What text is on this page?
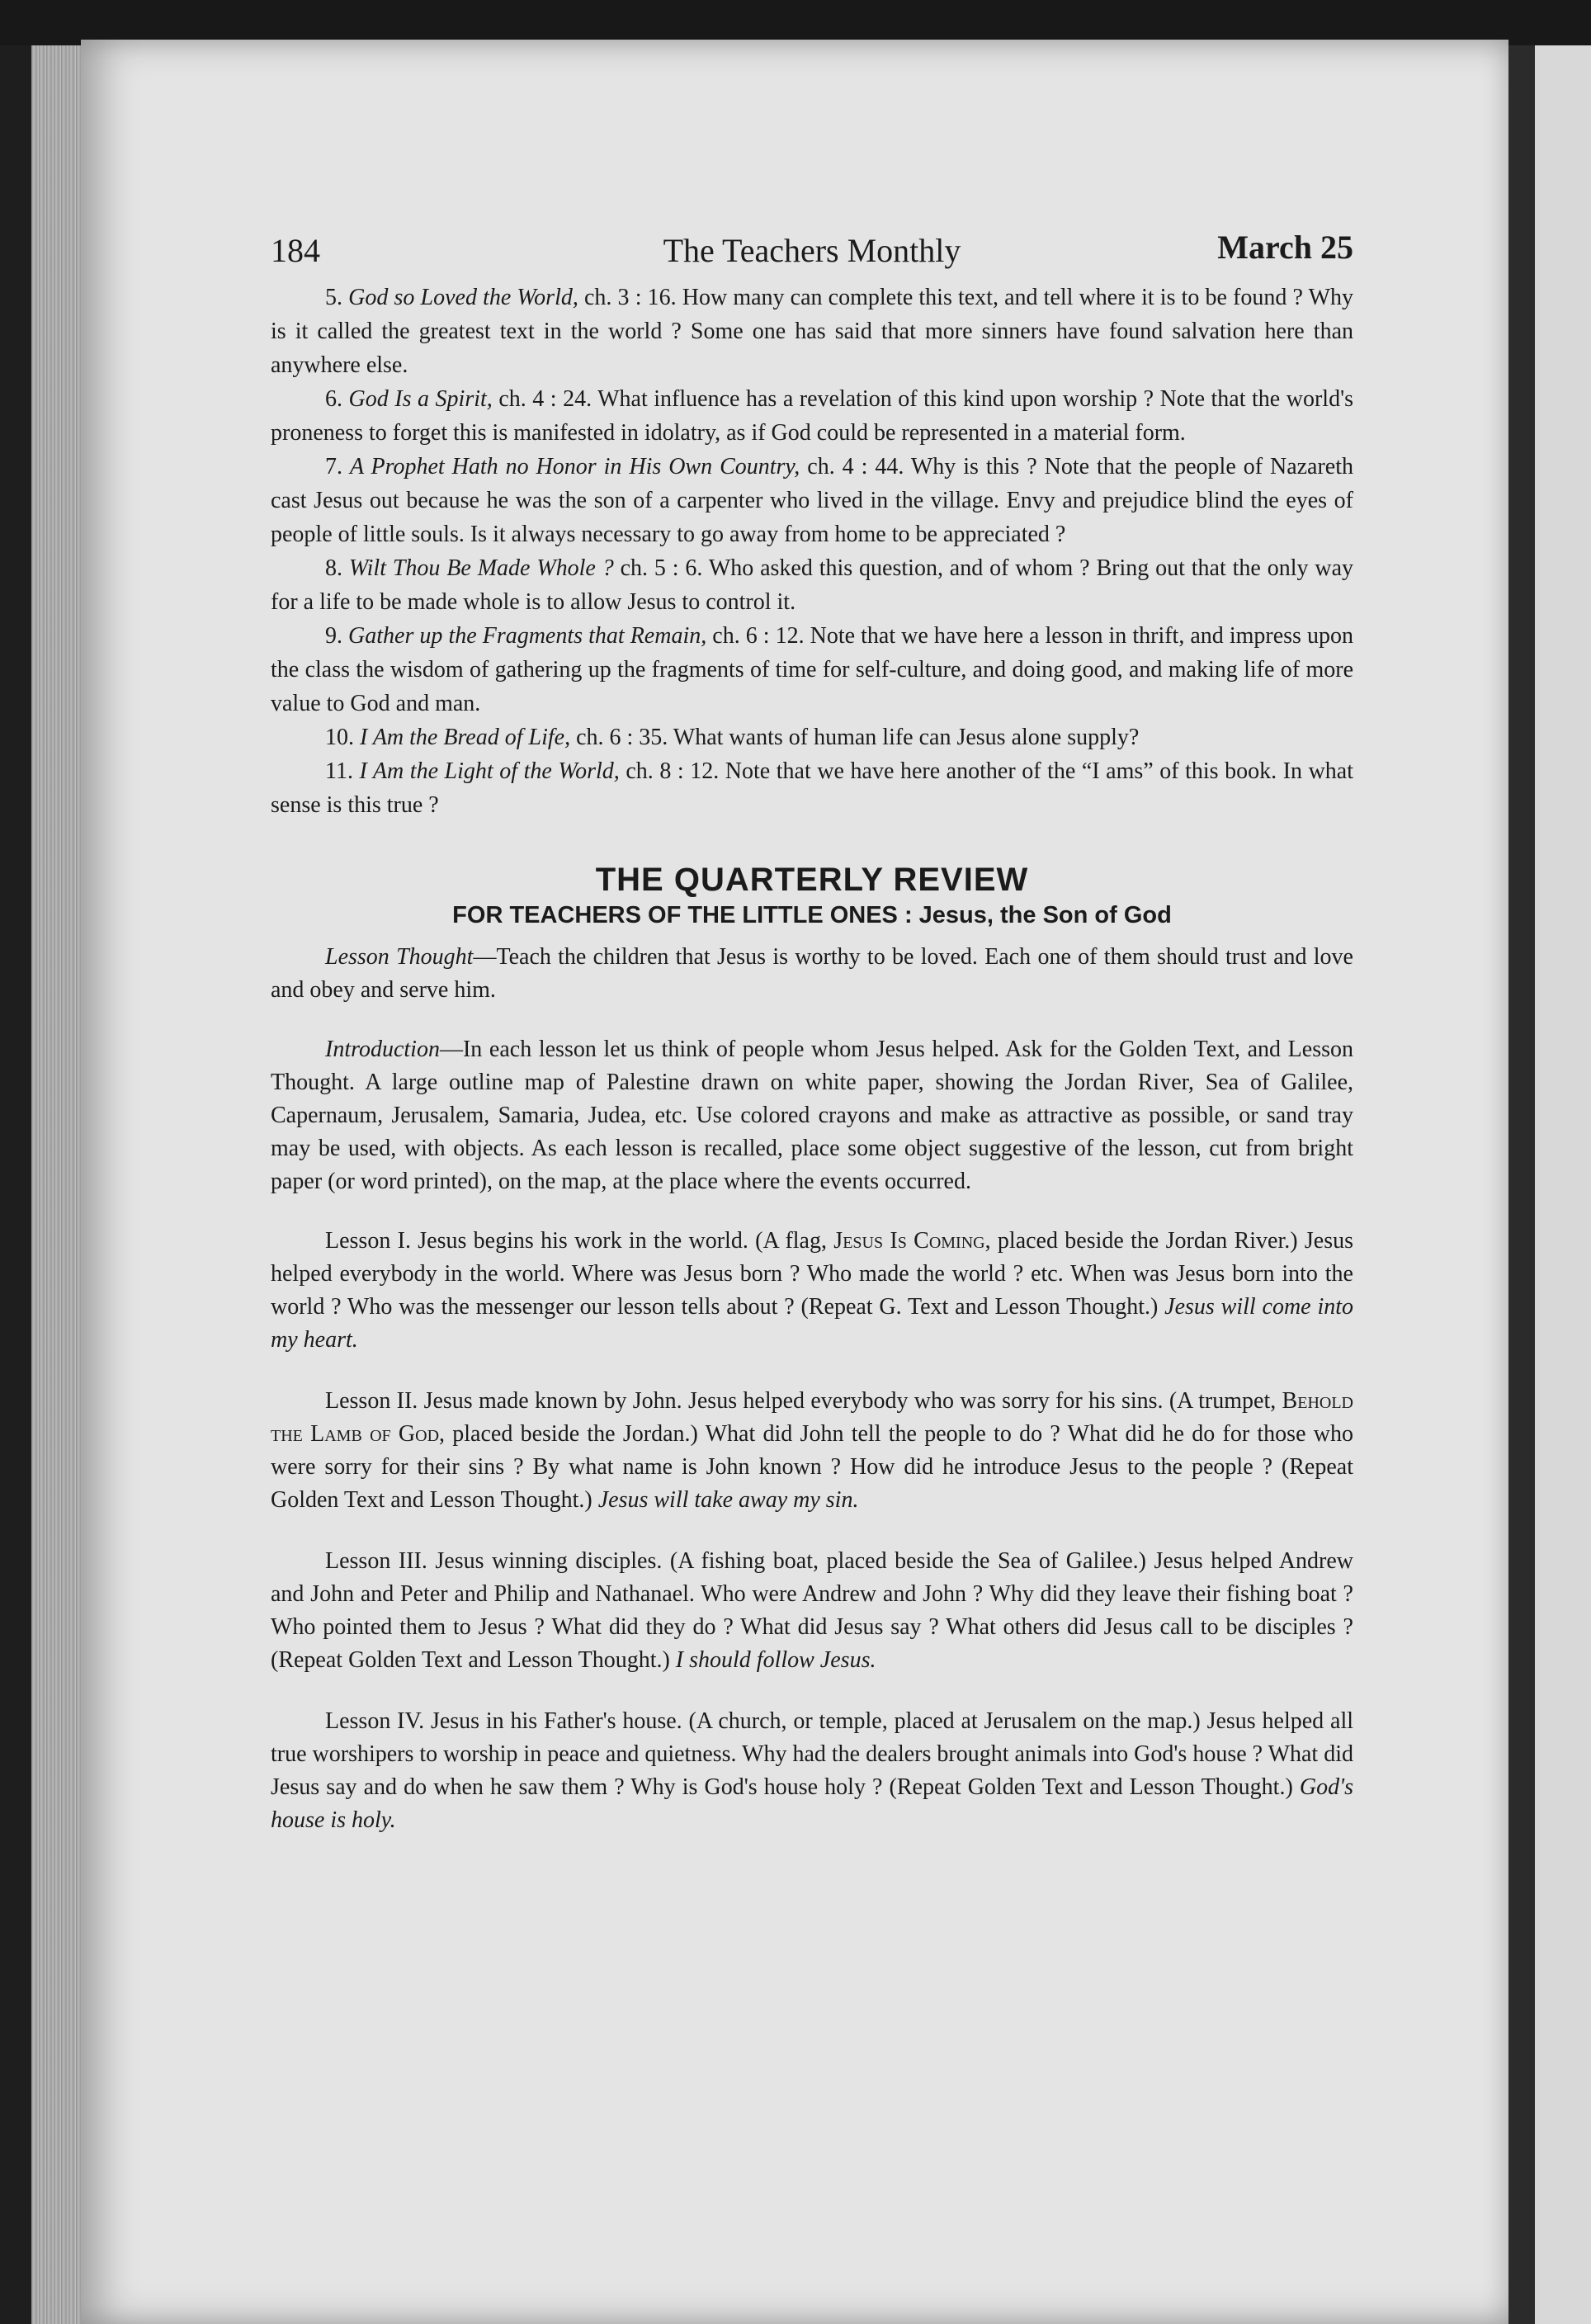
184	The Teachers Monthly	March 25

5. God so Loved the World, ch. 3 : 16. How many can complete this text, and tell where it is to be found ? Why is it called the greatest text in the world ? Some one has said that more sinners have found salvation here than anywhere else.

6. God Is a Spirit, ch. 4 : 24. What influence has a revelation of this kind upon worship ? Note that the world's proneness to forget this is manifested in idolatry, as if God could be represented in a material form.

7. A Prophet Hath no Honor in His Own Country, ch. 4 : 44. Why is this ? Note that the people of Nazareth cast Jesus out because he was the son of a carpenter who lived in the village. Envy and prejudice blind the eyes of people of little souls. Is it always necessary to go away from home to be appreciated ?

8. Wilt Thou Be Made Whole ? ch. 5 : 6. Who asked this question, and of whom ? Bring out that the only way for a life to be made whole is to allow Jesus to control it.

9. Gather up the Fragments that Remain, ch. 6 : 12. Note that we have here a lesson in thrift, and impress upon the class the wisdom of gathering up the fragments of time for self-culture, and doing good, and making life of more value to God and man.

10. I Am the Bread of Life, ch. 6 : 35. What wants of human life can Jesus alone supply?

11. I Am the Light of the World, ch. 8 : 12. Note that we have here another of the “I ams” of this book. In what sense is this true ?

THE QUARTERLY REVIEW
FOR TEACHERS OF THE LITTLE ONES : Jesus, the Son of God

Lesson Thought—Teach the children that Jesus is worthy to be loved. Each one of them should trust and love and obey and serve him.

Introduction—In each lesson let us think of people whom Jesus helped. Ask for the Golden Text, and Lesson Thought. A large outline map of Palestine drawn on white paper, showing the Jordan River, Sea of Galilee, Capernaum, Jerusalem, Samaria, Judea, etc. Use colored crayons and make as attractive as possible, or sand tray may be used, with objects. As each lesson is recalled, place some object suggestive of the lesson, cut from bright paper (or word printed), on the map, at the place where the events occurred.

Lesson I. Jesus begins his work in the world. (A flag, Jesus Is Coming, placed beside the Jordan River.) Jesus helped everybody in the world. Where was Jesus born ? Who made the world ? etc. When was Jesus born into the world ? Who was the messenger our lesson tells about ? (Repeat G. Text and Lesson Thought.) Jesus will come into my heart.

Lesson II. Jesus made known by John. Jesus helped everybody who was sorry for his sins. (A trumpet, Behold the Lamb of God, placed beside the Jordan.) What did John tell the people to do ? What did he do for those who were sorry for their sins ? By what name is John known ? How did he introduce Jesus to the people ? (Repeat Golden Text and Lesson Thought.) Jesus will take away my sin.

Lesson III. Jesus winning disciples. (A fishing boat, placed beside the Sea of Galilee.) Jesus helped Andrew and John and Peter and Philip and Nathanael. Who were Andrew and John ? Why did they leave their fishing boat ? Who pointed them to Jesus ? What did they do ? What did Jesus say ? What others did Jesus call to be disciples ? (Repeat Golden Text and Lesson Thought.) I should follow Jesus.

Lesson IV. Jesus in his Father's house. (A church, or temple, placed at Jerusalem on the map.) Jesus helped all true worshipers to worship in peace and quietness. Why had the dealers brought animals into God's house ? What did Jesus say and do when he saw them ? Why is God's house holy ? (Repeat Golden Text and Lesson Thought.) God's house is holy.
